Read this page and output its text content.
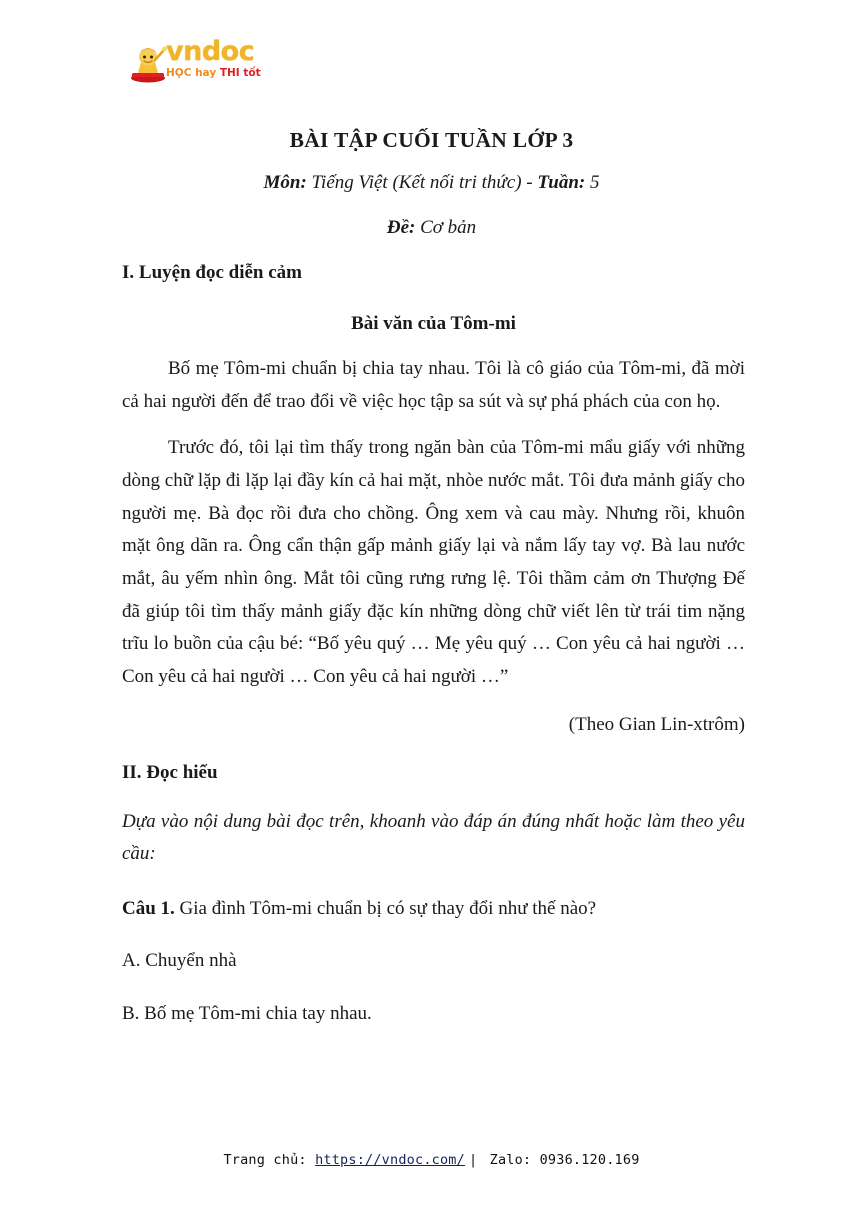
vndoc
HỌC hay THI tốt
BÀI TẬP CUỐI TUẦN LỚP 3
Môn: Tiếng Việt (Kết nối tri thức) - Tuần: 5
Đề: Cơ bản
I. Luyện đọc diễn cảm
Bài văn của Tôm-mi

Bố mẹ Tôm-mi chuẩn bị chia tay nhau. Tôi là cô giáo của Tôm-mi, đã mời cả hai người đến để trao đổi về việc học tập sa sút và sự phá phách của con họ.

Trước đó, tôi lại tìm thấy trong ngăn bàn của Tôm-mi mẩu giấy với những dòng chữ lặp đi lặp lại đầy kín cả hai mặt, nhòe nước mắt. Tôi đưa mảnh giấy cho người mẹ. Bà đọc rồi đưa cho chồng. Ông xem và cau mày. Nhưng rồi, khuôn mặt ông dãn ra. Ông cẩn thận gấp mảnh giấy lại và nắm lấy tay vợ. Bà lau nước mắt, âu yếm nhìn ông. Mắt tôi cũng rưng rưng lệ. Tôi thầm cảm ơn Thượng Đế đã giúp tôi tìm thấy mảnh giấy đặc kín những dòng chữ viết lên từ trái tim nặng trĩu lo buồn của cậu bé: “Bố yêu quý … Mẹ yêu quý … Con yêu cả hai người … Con yêu cả hai người … Con yêu cả hai người …”

(Theo Gian Lin-xtrôm)
II. Đọc hiểu
Dựa vào nội dung bài đọc trên, khoanh vào đáp án đúng nhất hoặc làm theo yêu cầu:
Câu 1. Gia đình Tôm-mi chuẩn bị có sự thay đổi như thế nào?
A. Chuyển nhà
B. Bố mẹ Tôm-mi chia tay nhau.
Trang chủ: https://vndoc.com/ | Zalo: 0936.120.169
